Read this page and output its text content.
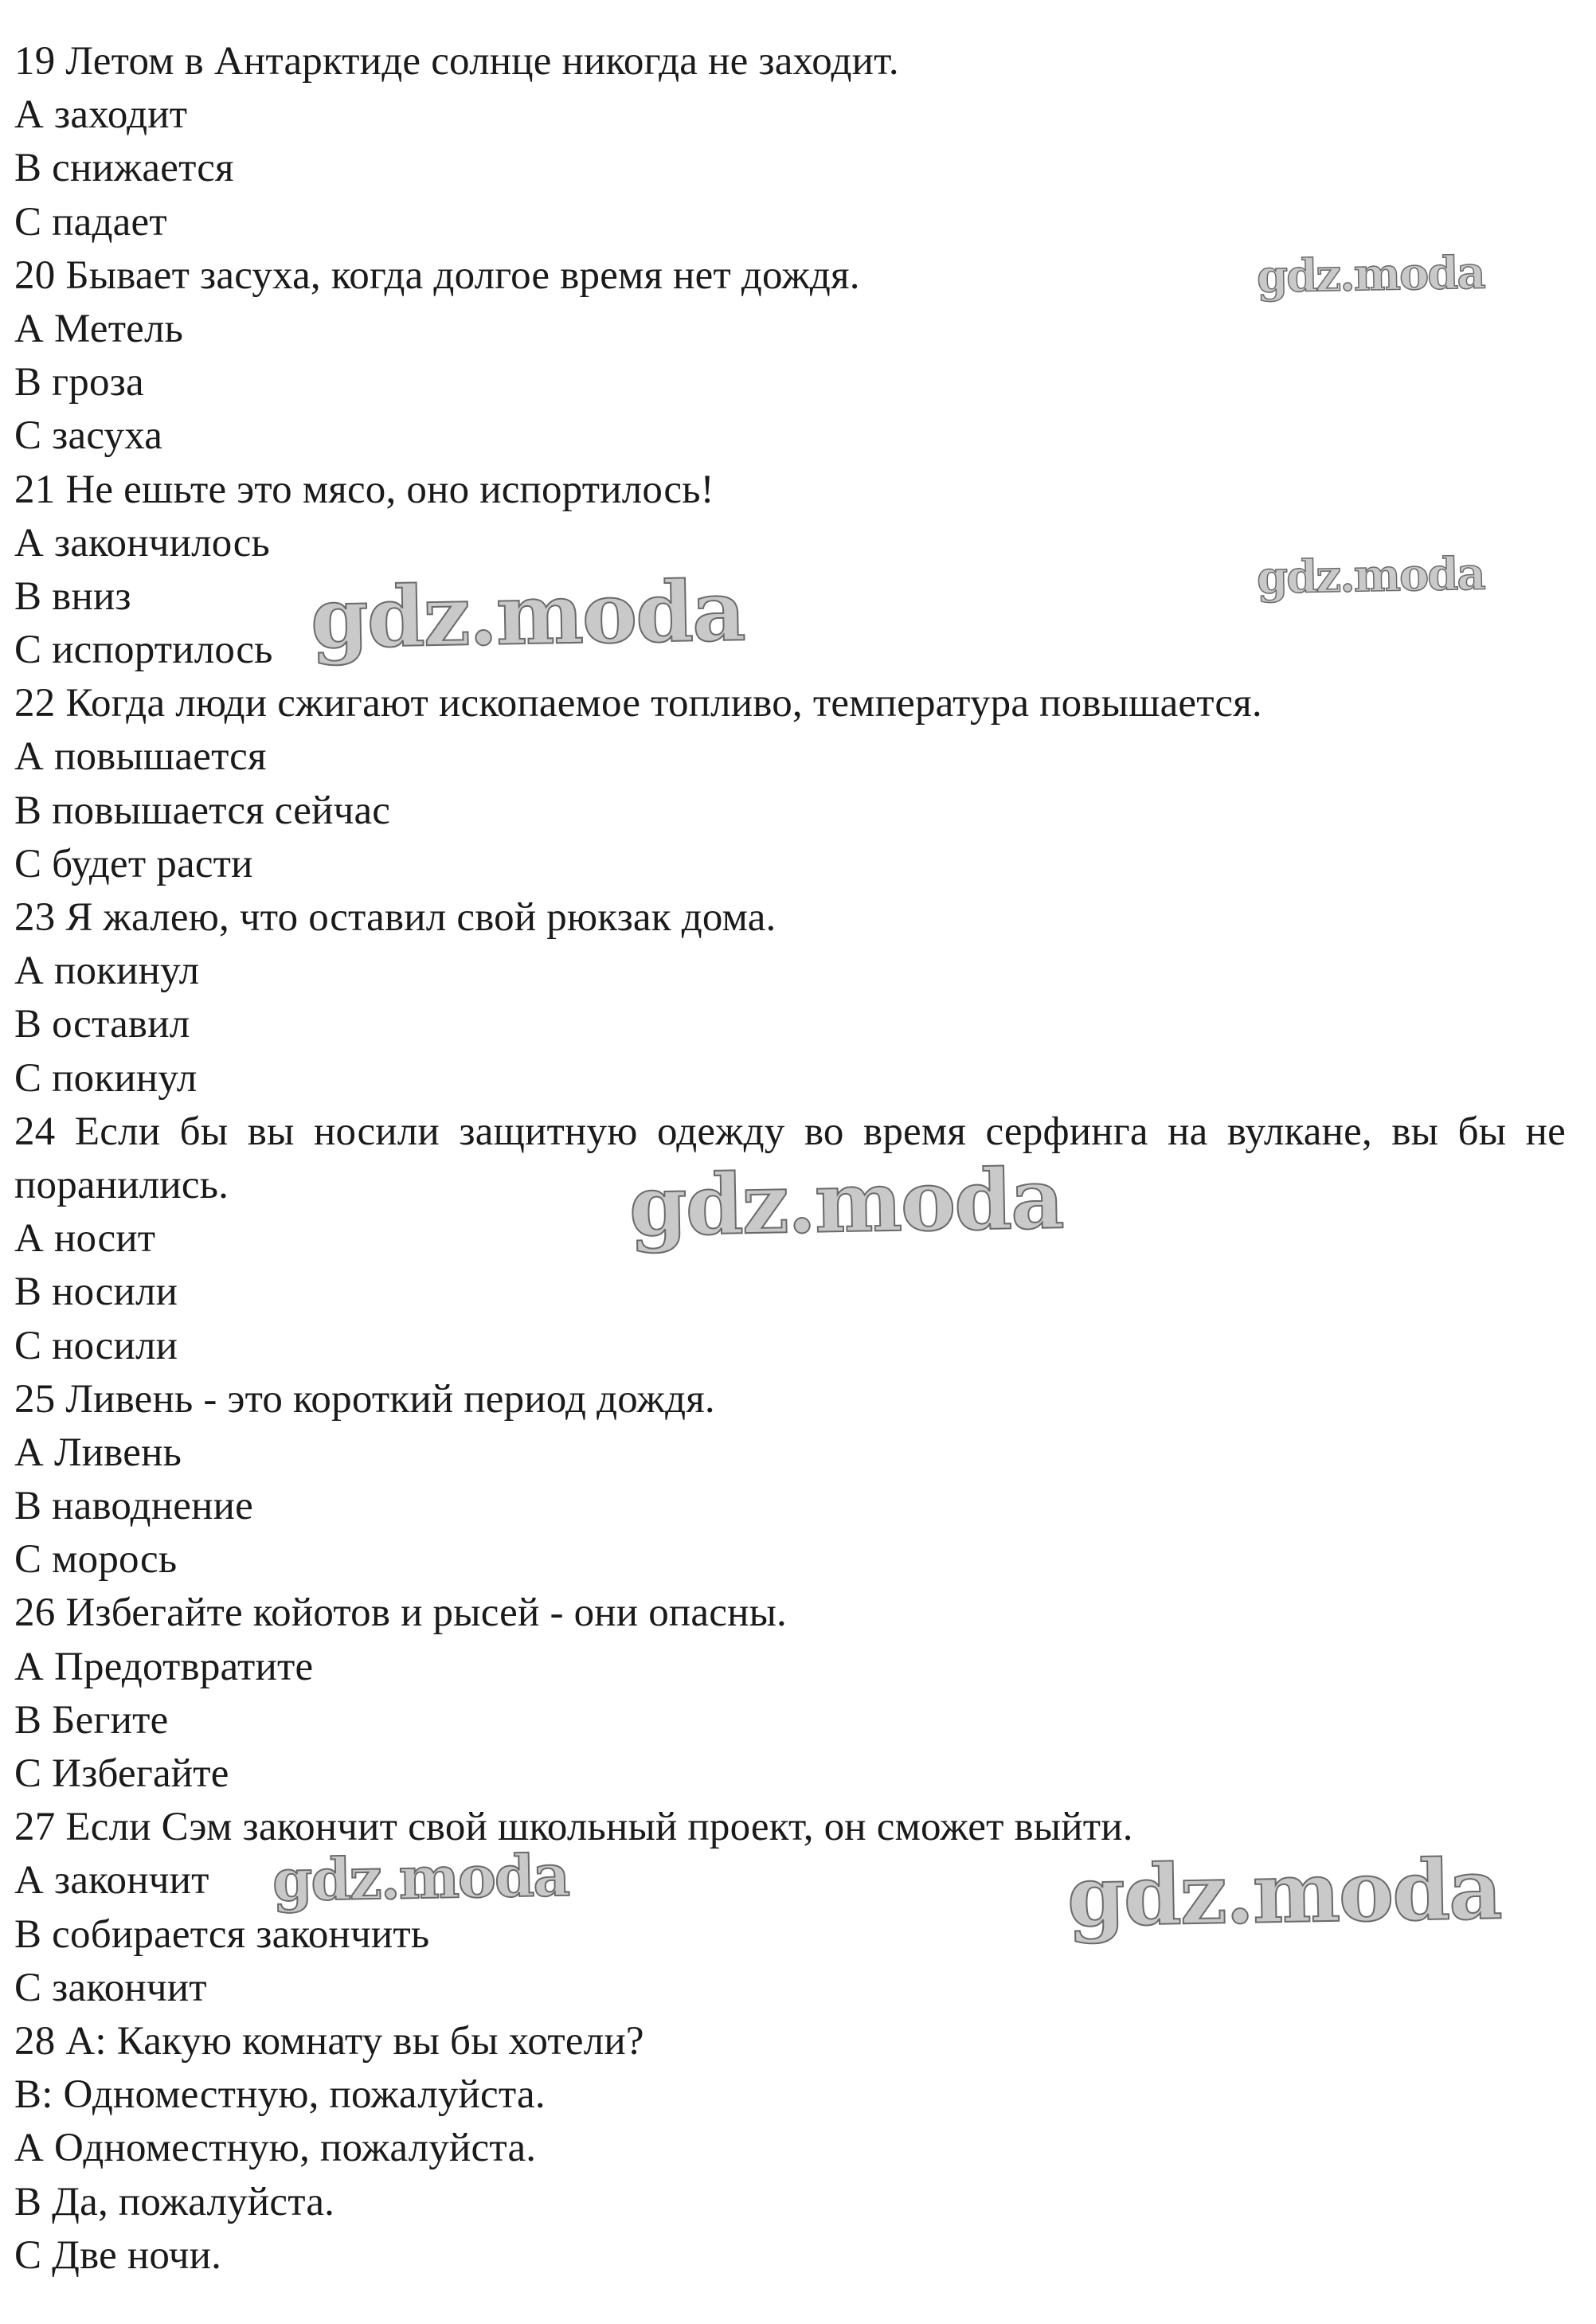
19 Летом в Антарктиде солнце никогда не заходит.
А заходит
В снижается
С падает
20 Бывает засуха, когда долгое время нет дождя.
А Метель
В гроза
С засуха
21 Не ешьте это мясо, оно испортилось!
А закончилось
В вниз
С испортилось
22 Когда люди сжигают ископаемое топливо, температура повышается.
А повышается
В повышается сейчас
С будет расти
23 Я жалею, что оставил свой рюкзак дома.
А покинул
В оставил
С покинул
24 Если бы вы носили защитную одежду во время серфинга на вулкане, вы бы не поранились.
А носит
В носили
С носили
25 Ливень - это короткий период дождя.
А Ливень
В наводнение
С морось
26 Избегайте койотов и рысей - они опасны.
А Предотвратите
В Бегите
С Избегайте
27 Если Сэм закончит свой школьный проект, он сможет выйти.
А закончит
В собирается закончить
С закончит
28 А: Какую комнату вы бы хотели?
В: Одноместную, пожалуйста.
А Одноместную, пожалуйста.
В Да, пожалуйста.
С Две ночи.
gdz.moda
gdz.moda
gdz.moda
gdz.moda
gdz.moda	gdz.moda
